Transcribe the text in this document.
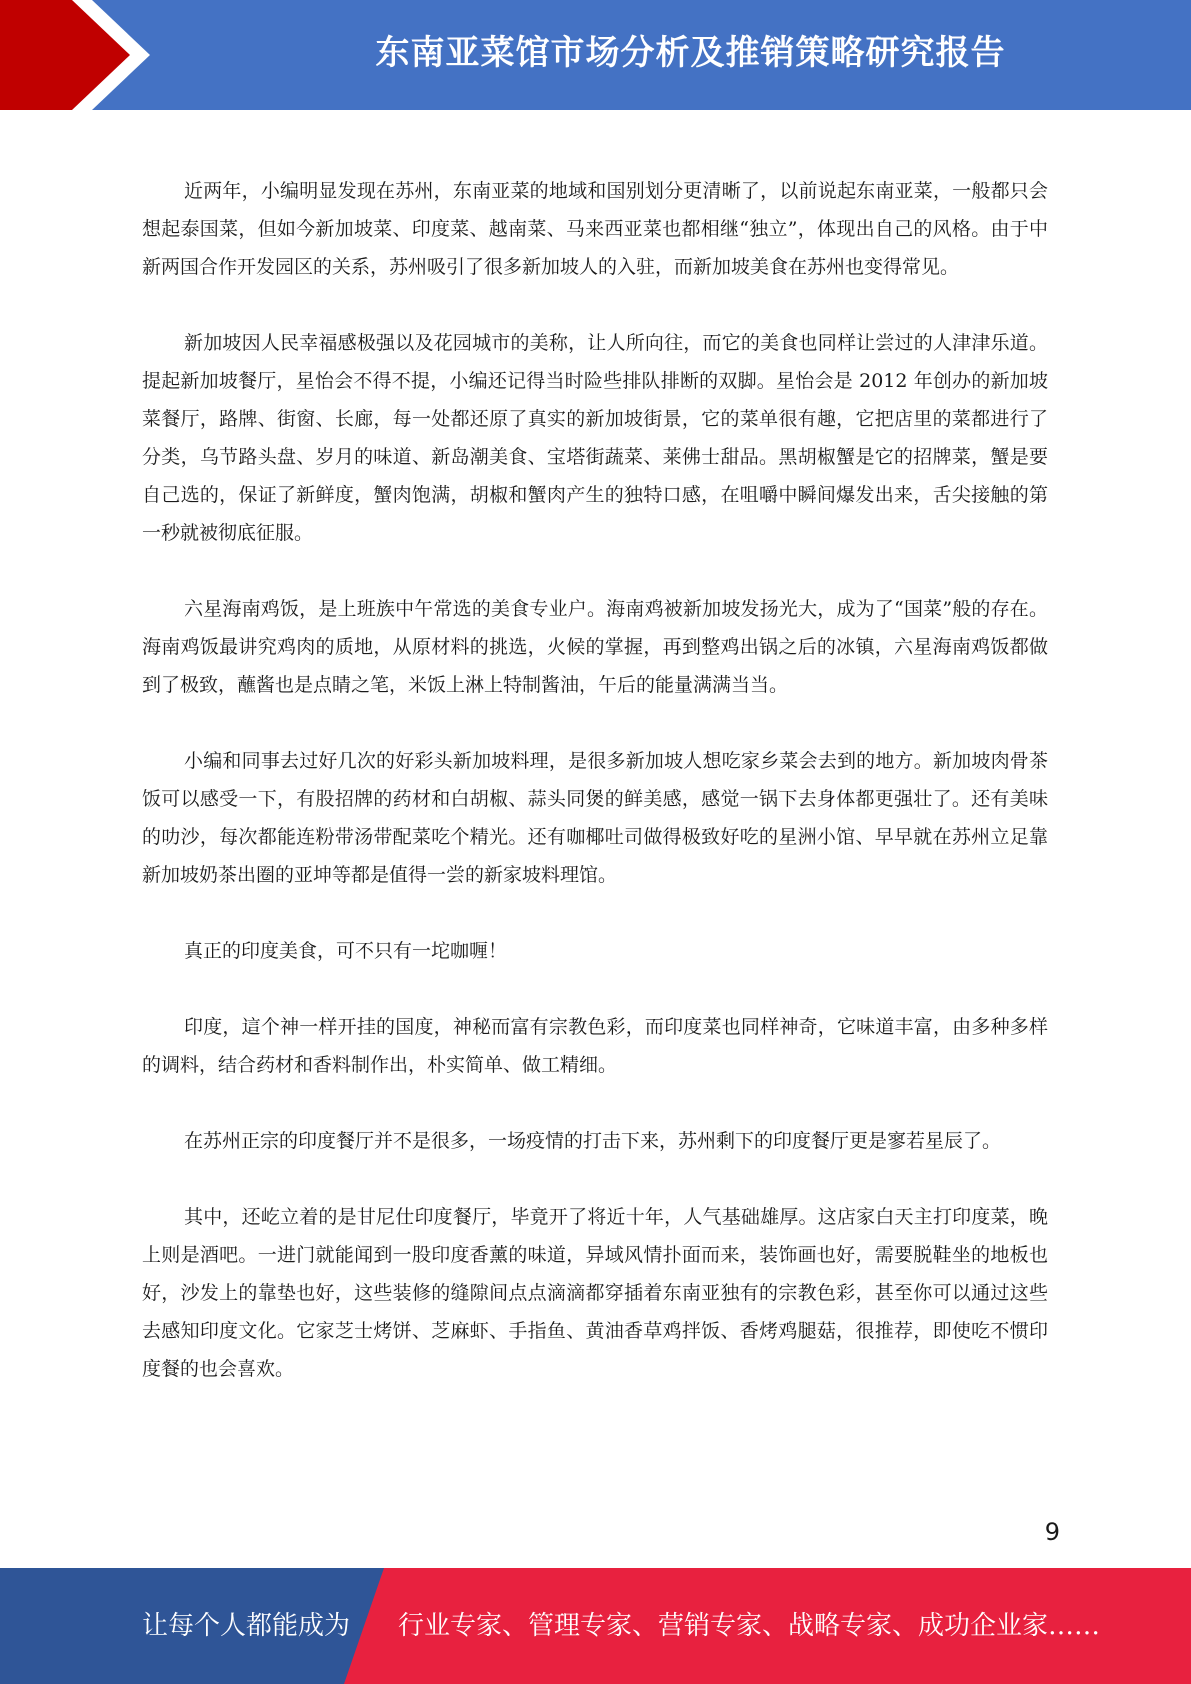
东南亚菜馆市场分析及推销策略研究报告

近两年，小编明显发现在苏州，东南亚菜的地域和国别划分更清晰了，以前说起东南亚菜，一般都只会想起泰国菜，但如今新加坡菜、印度菜、越南菜、马来西亚菜也都相继“独立”，体现出自己的风格。由于中新两国合作开发园区的关系，苏州吸引了很多新加坡人的入驻，而新加坡美食在苏州也变得常见。

新加坡因人民幸福感极强以及花园城市的美称，让人所向往，而它的美食也同样让尝过的人津津乐道。提起新加坡餐厅，星怡会不得不提，小编还记得当时险些排队排断的双脚。星怡会是 2012 年创办的新加坡菜餐厅，路牌、街窗、长廊，每一处都还原了真实的新加坡街景，它的菜单很有趣，它把店里的菜都进行了分类，乌节路头盘、岁月的味道、新岛潮美食、宝塔街蔬菜、莱佛士甜品。黑胡椒蟹是它的招牌菜，蟹是要自己选的，保证了新鲜度，蟹肉饱满，胡椒和蟹肉产生的独特口感，在咀嚼中瞬间爆发出来，舌尖接触的第一秒就被彻底征服。

六星海南鸡饭，是上班族中午常选的美食专业户。海南鸡被新加坡发扬光大，成为了“国菜”般的存在。海南鸡饭最讲究鸡肉的质地，从原材料的挑选，火候的掌握，再到整鸡出锅之后的冰镇，六星海南鸡饭都做到了极致，蘸酱也是点睛之笔，米饭上淋上特制酱油，午后的能量满满当当。

小编和同事去过好几次的好彩头新加坡料理，是很多新加坡人想吃家乡菜会去到的地方。新加坡肉骨茶饭可以感受一下，有股招牌的药材和白胡椒、蒜头同煲的鲜美感，感觉一锅下去身体都更强壮了。还有美味的叻沙，每次都能连粉带汤带配菜吃个精光。还有咖椰吐司做得极致好吃的星洲小馆、早早就在苏州立足靠新加坡奶茶出圈的亚坤等都是值得一尝的新家坡料理馆。

真正的印度美食，可不只有一坨咖喱！

印度，這个神一样开挂的国度，神秘而富有宗教色彩，而印度菜也同样神奇，它味道丰富，由多种多样的调料，结合药材和香料制作出，朴实简单、做工精细。

在苏州正宗的印度餐厅并不是很多，一场疫情的打击下来，苏州剩下的印度餐厅更是寥若星辰了。

其中，还屹立着的是甘尼仕印度餐厅，毕竟开了将近十年，人气基础雄厚。这店家白天主打印度菜，晚上则是酒吧。一进门就能闻到一股印度香薰的味道，异域风情扑面而来，装饰画也好，需要脱鞋坐的地板也好，沙发上的靠垫也好，这些装修的缝隙间点点滴滴都穿插着东南亚独有的宗教色彩，甚至你可以通过这些去感知印度文化。它家芝士烤饼、芝麻虾、手指鱼、黄油香草鸡拌饭、香烤鸡腿菇，很推荐，即使吃不惯印度餐的也会喜欢。

9
让每个人都能成为 行业专家、管理专家、营销专家、战略专家、成功企业家……
